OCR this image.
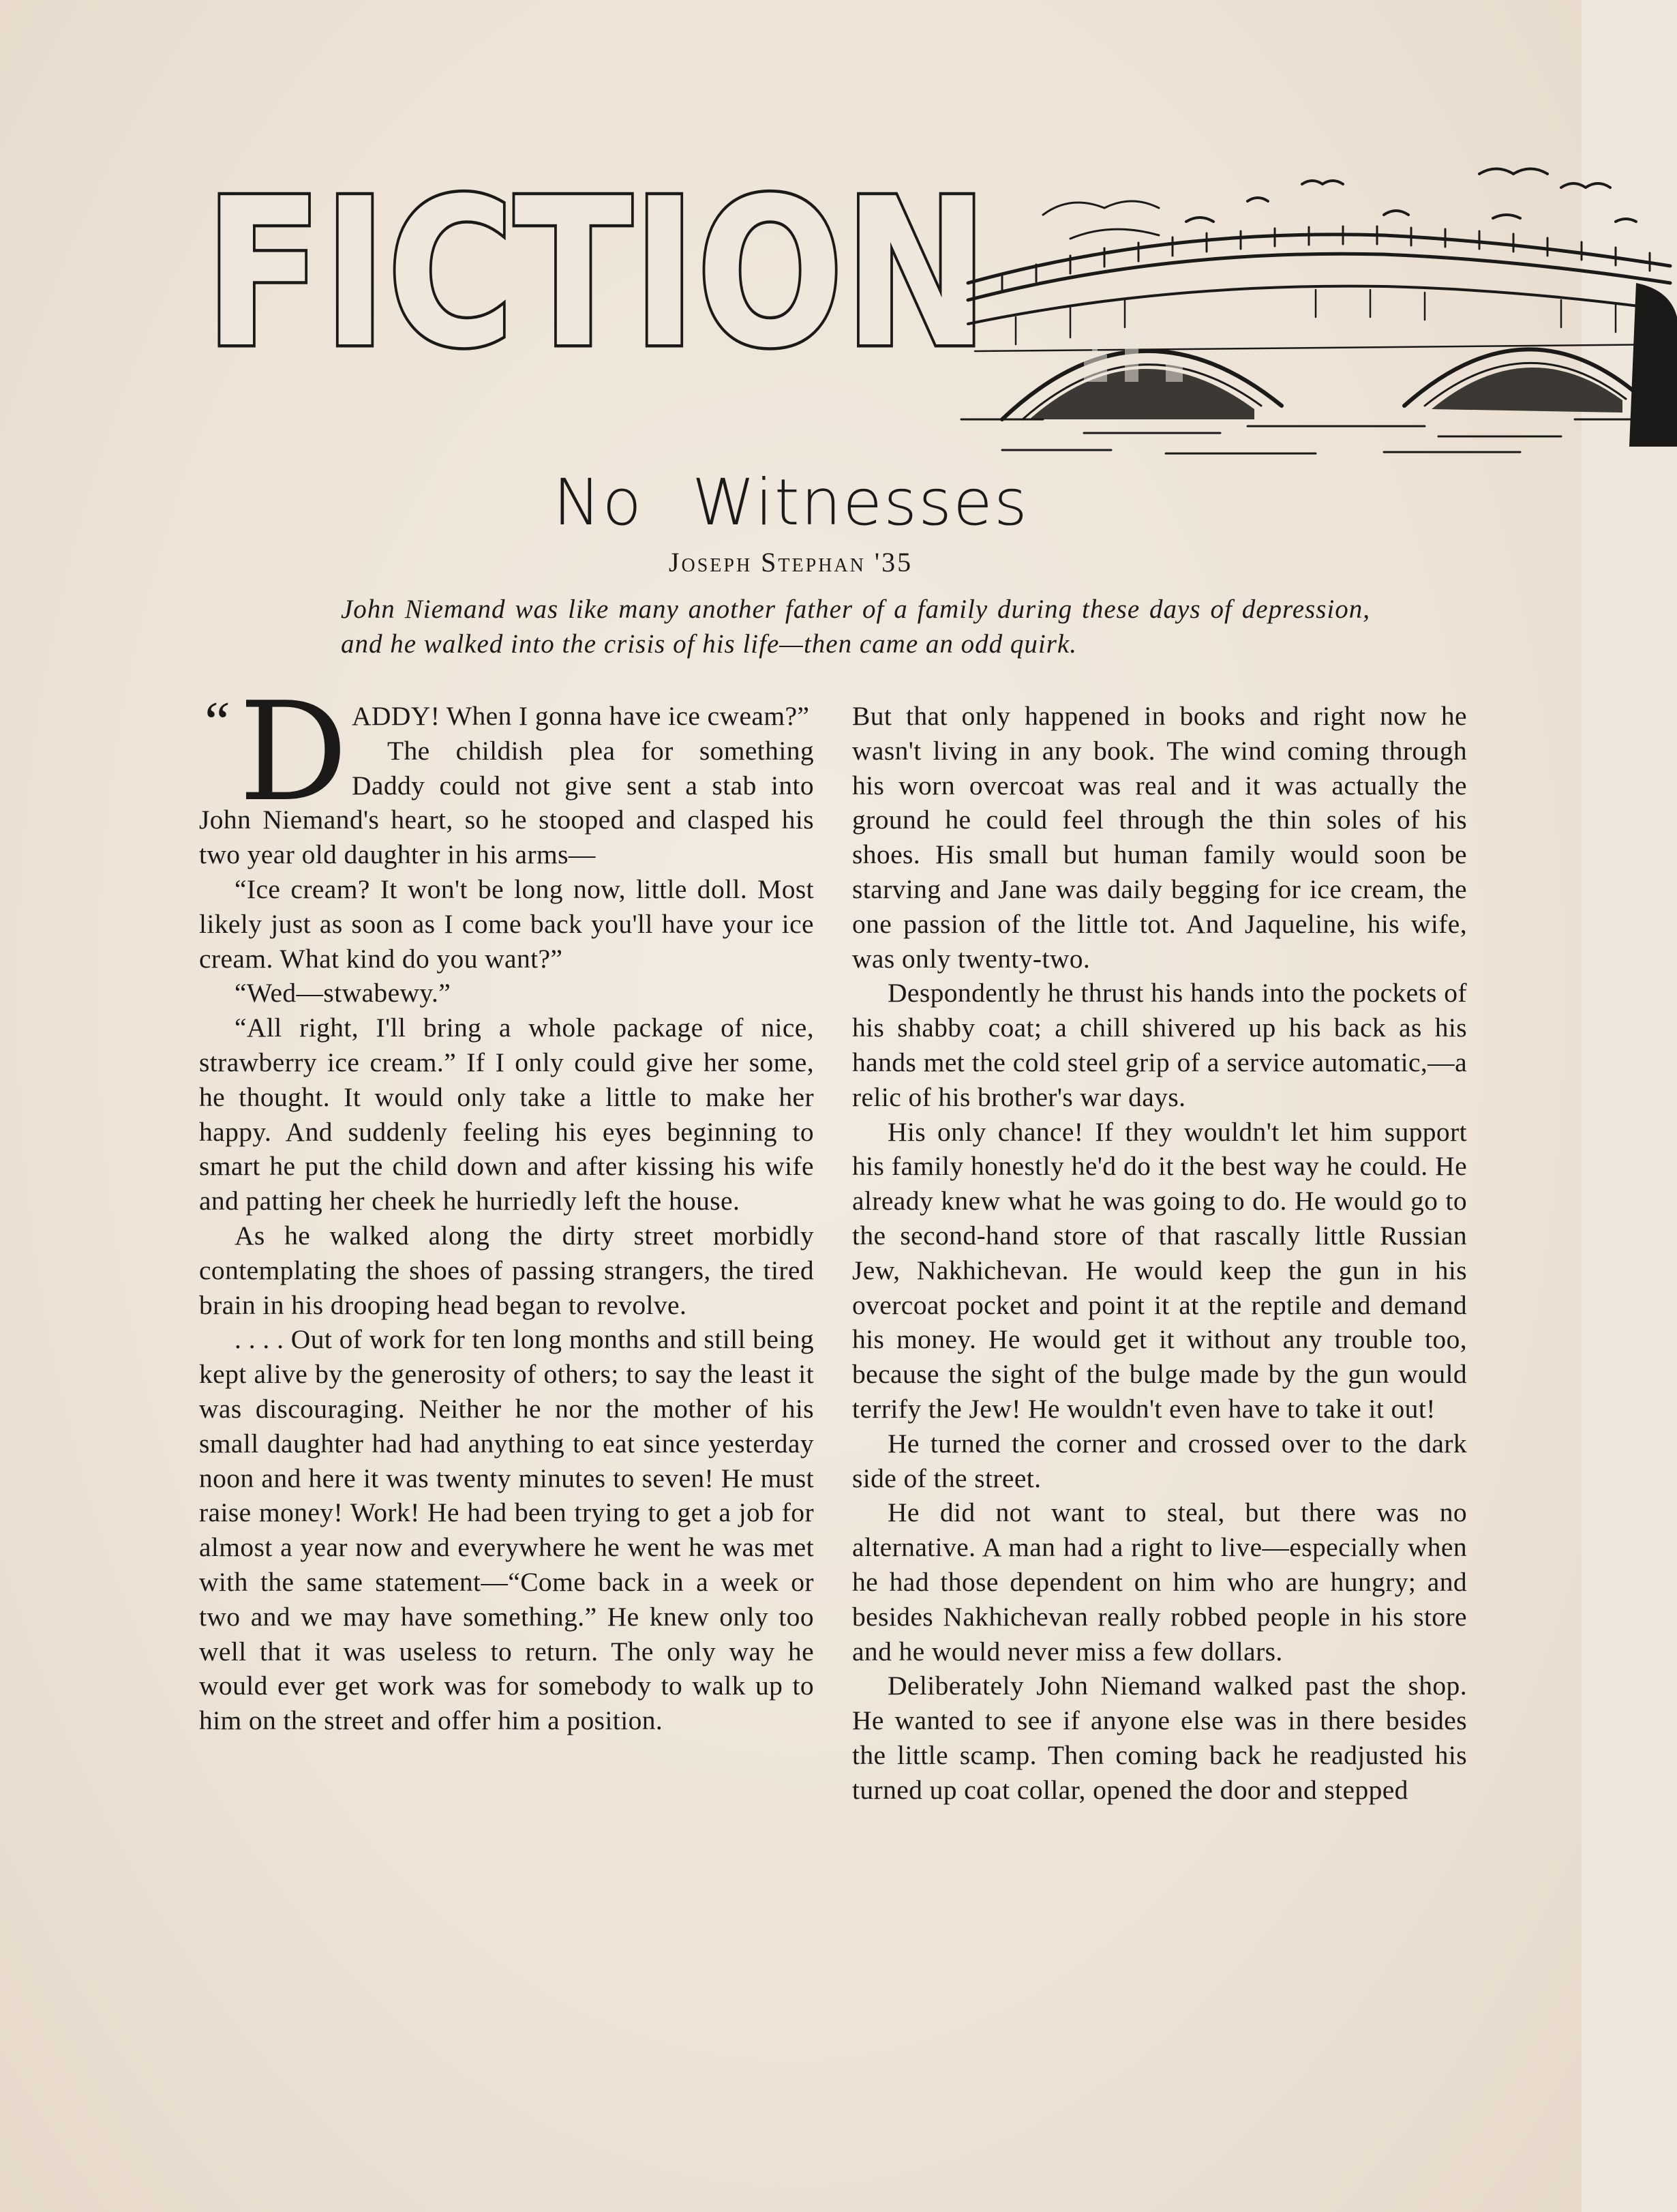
FICTION
No Witnesses
Joseph Stephan '35
John Niemand was like many another father of a family during these days of depression, and he walked into the crisis of his life—then came an odd quirk.
“ D ADDY! When I gonna have ice cweam?”

The childish plea for something Daddy could not give sent a stab into John Niemand's heart, so he stooped and clasped his two year old daughter in his arms—

“Ice cream? It won't be long now, little doll. Most likely just as soon as I come back you'll have your ice cream. What kind do you want?”

“Wed—stwabewy.”

“All right, I'll bring a whole package of nice, strawberry ice cream.” If I only could give her some, he thought. It would only take a little to make her happy. And suddenly feeling his eyes beginning to smart he put the child down and after kissing his wife and patting her cheek he hurriedly left the house.

As he walked along the dirty street morbidly contemplating the shoes of passing strangers, the tired brain in his drooping head began to revolve.

. . . . Out of work for ten long months and still being kept alive by the generosity of others; to say the least it was discouraging. Neither he nor the mother of his small daughter had had anything to eat since yesterday noon and here it was twenty minutes to seven! He must raise money! Work! He had been trying to get a job for almost a year now and everywhere he went he was met with the same statement—“Come back in a week or two and we may have something.” He knew only too well that it was useless to return. The only way he would ever get work was for somebody to walk up to him on the street and offer him a position.

But that only happened in books and right now he wasn't living in any book. The wind coming through his worn overcoat was real and it was actually the ground he could feel through the thin soles of his shoes. His small but human family would soon be starving and Jane was daily begging for ice cream, the one passion of the little tot. And Jaqueline, his wife, was only twenty-two.

Despondently he thrust his hands into the pockets of his shabby coat; a chill shivered up his back as his hands met the cold steel grip of a service automatic,—a relic of his brother's war days.

His only chance! If they wouldn't let him support his family honestly he'd do it the best way he could. He already knew what he was going to do. He would go to the second-hand store of that rascally little Russian Jew, Nakhichevan. He would keep the gun in his overcoat pocket and point it at the reptile and demand his money. He would get it without any trouble too, because the sight of the bulge made by the gun would terrify the Jew! He wouldn't even have to take it out!

He turned the corner and crossed over to the dark side of the street.

He did not want to steal, but there was no alternative. A man had a right to live—especially when he had those dependent on him who are hungry; and besides Nakhichevan really robbed people in his store and he would never miss a few dollars.

Deliberately John Niemand walked past the shop. He wanted to see if anyone else was in there besides the little scamp. Then coming back he readjusted his turned up coat collar, opened the door and stepped
